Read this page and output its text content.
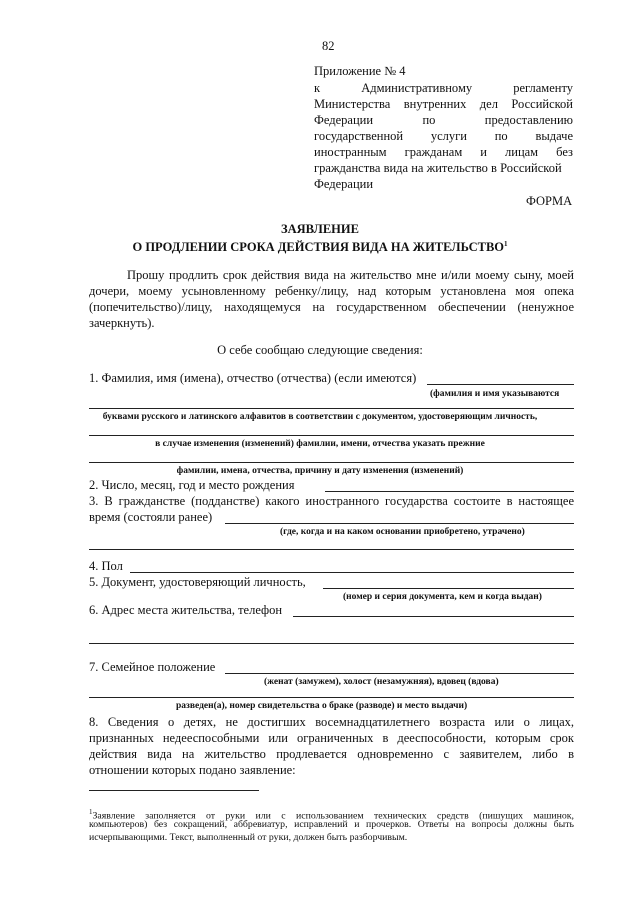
82
Приложение № 4
к	Административному	регламенту
Министерства внутренних дел Российской
Федерации	по	предоставлению
государственной услуги по выдаче
иностранным гражданам и лицам без
гражданства вида на жительство в Российской
Федерации
ФОРМА
ЗАЯВЛЕНИЕ
О ПРОДЛЕНИИ СРОКА ДЕЙСТВИЯ ВИДА НА ЖИТЕЛЬСТВО$^1$
Прошу продлить срок действия вида на жительство мне и/или моему сыну, моей
дочери, моему усыновленному ребенку/лицу, над которым установлена моя опека
(попечительство)/лицу, находящемуся на государственном обеспечении (ненужное
зачеркнуть).
О себе сообщаю следующие сведения:
1. Фамилия, имя (имена), отчество (отчества) (если имеются)
(фамилия и имя указываются
буквами русского и латинского алфавитов в соответствии с документом, удостоверяющим личность,
в случае изменения (изменений) фамилии, имени, отчества указать прежние
фамилии, имена, отчества, причину и дату изменения (изменений)
2. Число, месяц, год и место рождения
3. В гражданстве (подданстве) какого иностранного государства состоите в настоящее
время (состояли ранее)
(где, когда и на каком основании приобретено, утрачено)
4. Пол
5. Документ, удостоверяющий личность,
(номер и серия документа, кем и когда выдан)
6. Адрес места жительства, телефон
7. Семейное положение
(женат (замужем), холост (незамужняя), вдовец (вдова)
разведен(а), номер свидетельства о браке (разводе) и место выдачи)
8. Сведения о детях, не достигших восемнадцатилетнего возраста или о лицах,
признанных недееспособными или ограниченных в дееспособности, которым срок
действия вида на жительство продлевается одновременно с заявителем, либо в
отношении которых подано заявление:
$^1$Заявление заполняется от руки или с использованием технических средств (пишущих машинок,
компьютеров) без сокращений, аббревиатур, исправлений и прочерков. Ответы на вопросы должны быть
исчерпывающими. Текст, выполненный от руки, должен быть разборчивым.
